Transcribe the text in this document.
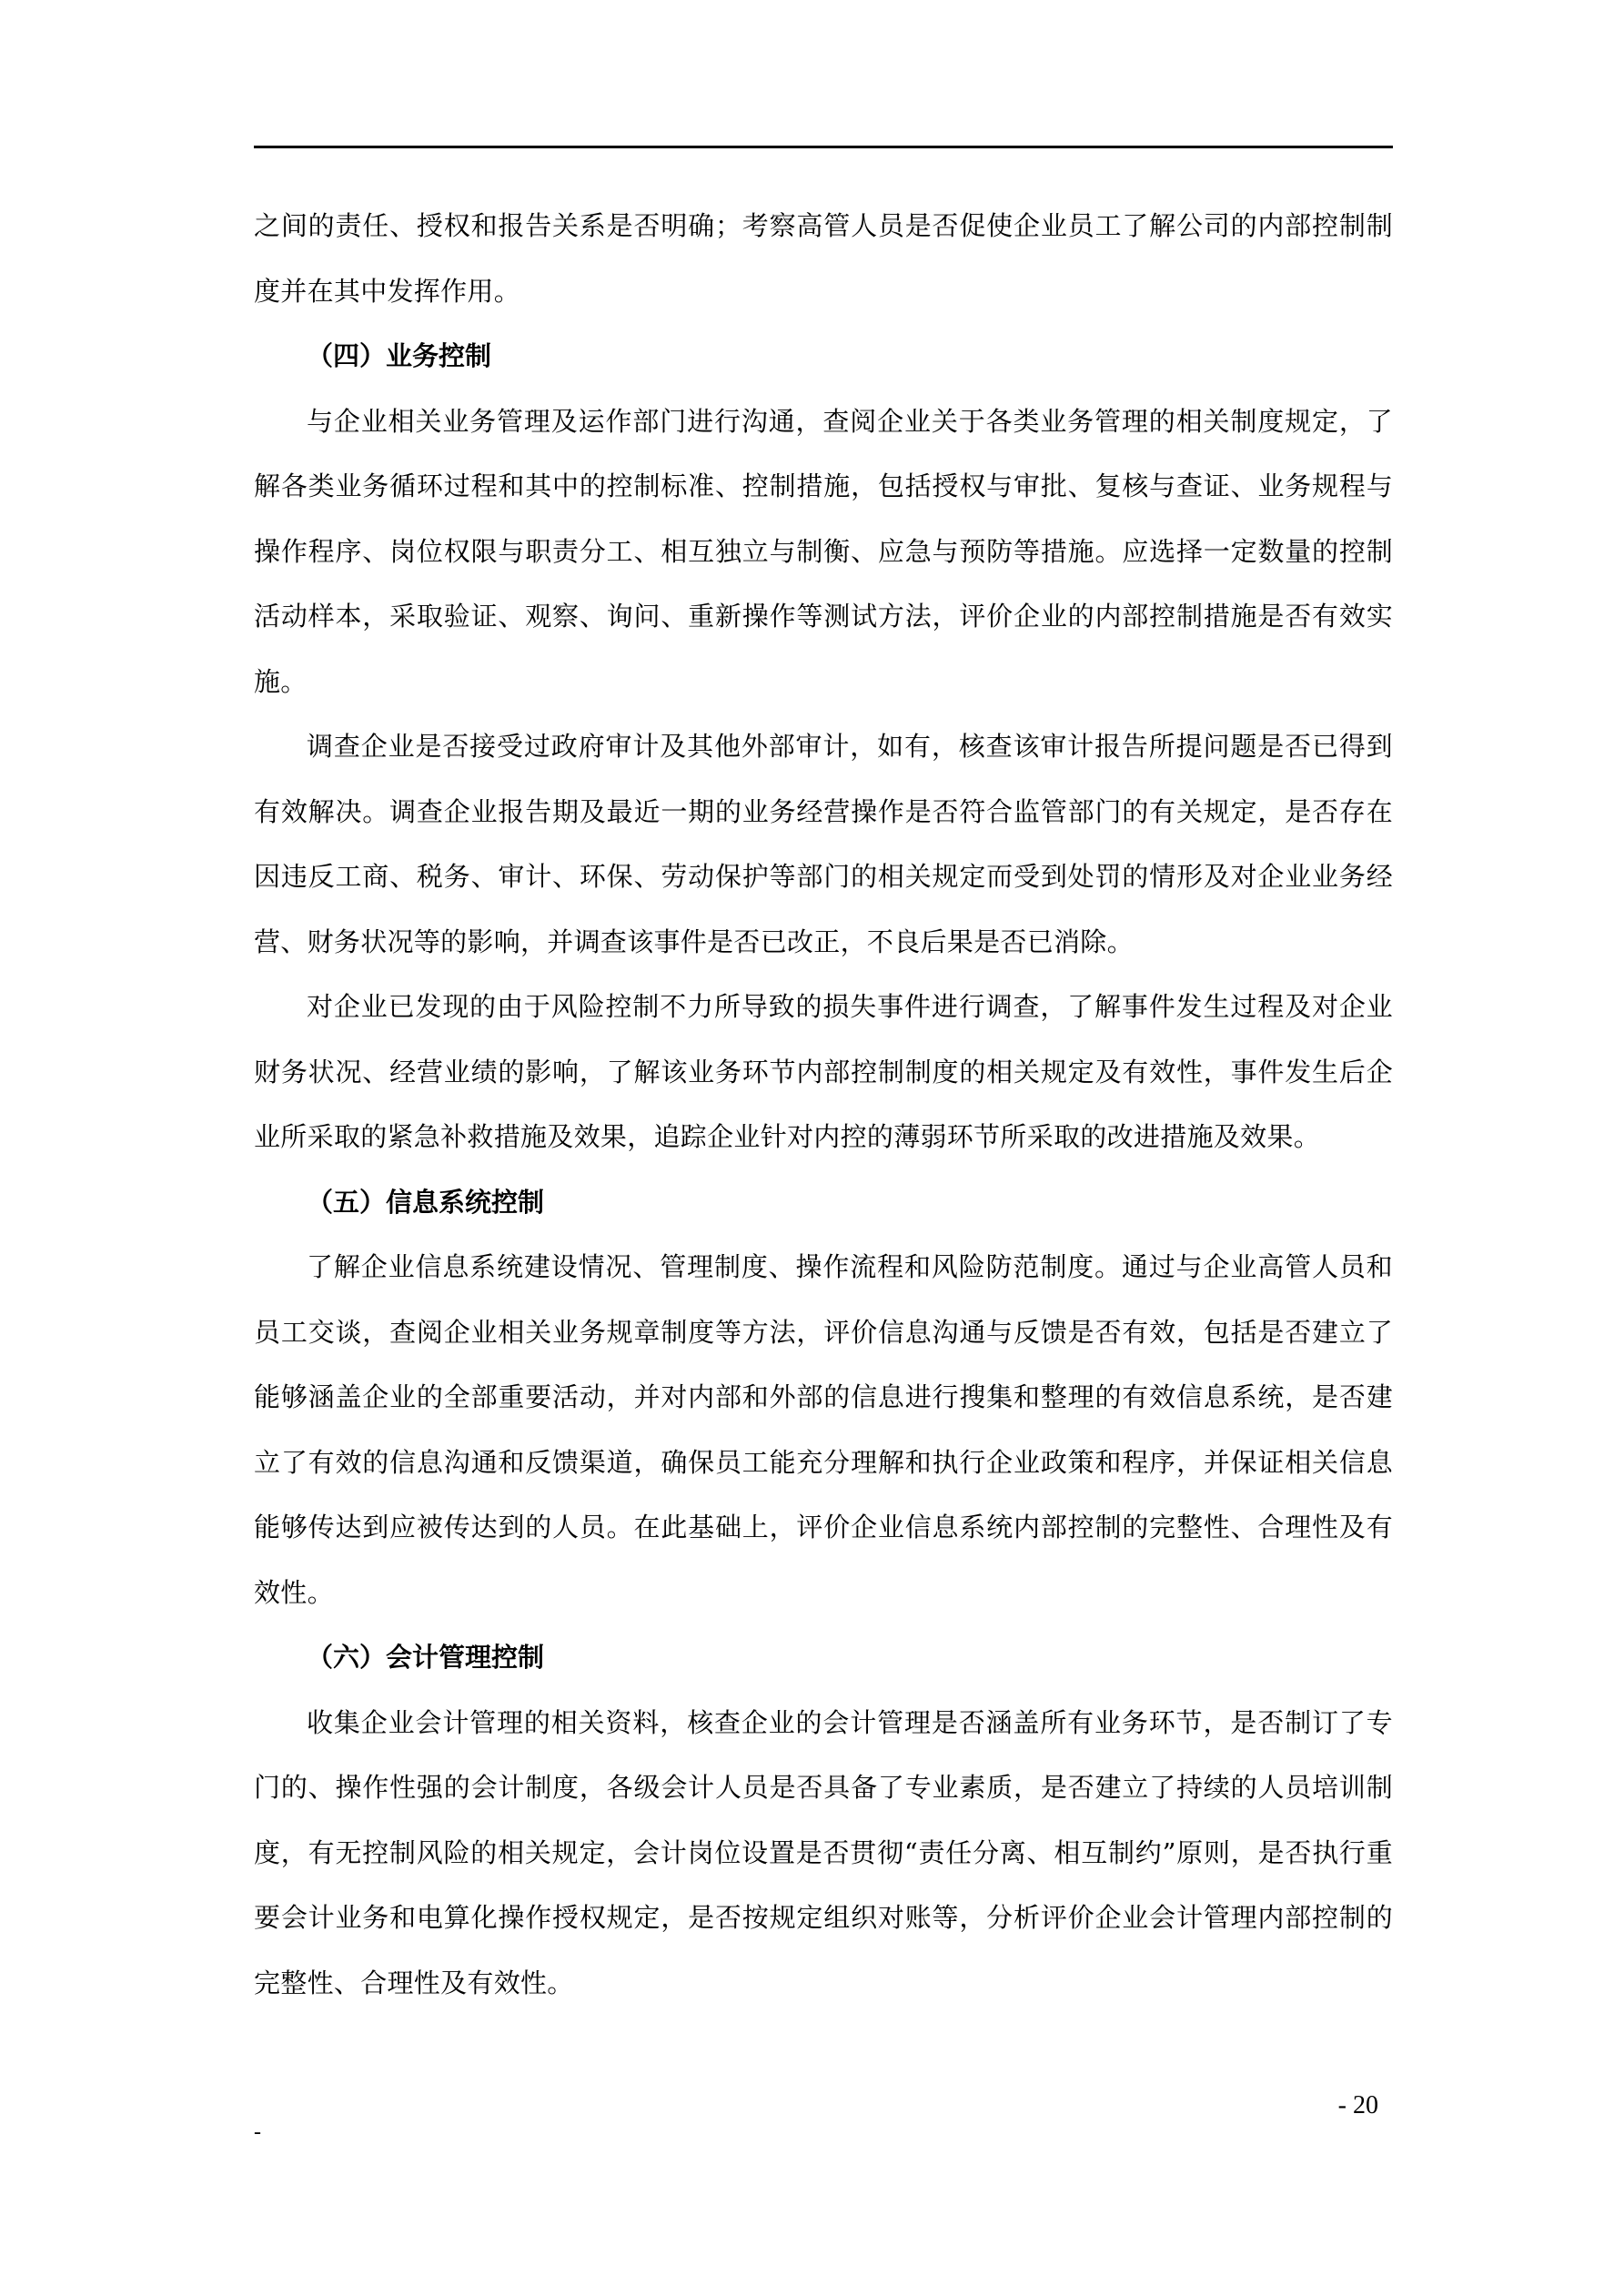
之间的责任、授权和报告关系是否明确；考察高管人员是否促使企业员工了解公司的内部控制制度并在其中发挥作用。

（四）业务控制

与企业相关业务管理及运作部门进行沟通，查阅企业关于各类业务管理的相关制度规定，了解各类业务循环过程和其中的控制标准、控制措施，包括授权与审批、复核与查证、业务规程与操作程序、岗位权限与职责分工、相互独立与制衡、应急与预防等措施。应选择一定数量的控制活动样本，采取验证、观察、询问、重新操作等测试方法，评价企业的内部控制措施是否有效实施。

调查企业是否接受过政府审计及其他外部审计，如有，核查该审计报告所提问题是否已得到有效解决。调查企业报告期及最近一期的业务经营操作是否符合监管部门的有关规定，是否存在因违反工商、税务、审计、环保、劳动保护等部门的相关规定而受到处罚的情形及对企业业务经营、财务状况等的影响，并调查该事件是否已改正，不良后果是否已消除。

对企业已发现的由于风险控制不力所导致的损失事件进行调查，了解事件发生过程及对企业财务状况、经营业绩的影响，了解该业务环节内部控制制度的相关规定及有效性，事件发生后企业所采取的紧急补救措施及效果，追踪企业针对内控的薄弱环节所采取的改进措施及效果。

（五）信息系统控制

了解企业信息系统建设情况、管理制度、操作流程和风险防范制度。通过与企业高管人员和员工交谈，查阅企业相关业务规章制度等方法，评价信息沟通与反馈是否有效，包括是否建立了能够涵盖企业的全部重要活动，并对内部和外部的信息进行搜集和整理的有效信息系统，是否建立了有效的信息沟通和反馈渠道，确保员工能充分理解和执行企业政策和程序，并保证相关信息能够传达到应被传达到的人员。在此基础上，评价企业信息系统内部控制的完整性、合理性及有效性。

（六）会计管理控制

收集企业会计管理的相关资料，核查企业的会计管理是否涵盖所有业务环节，是否制订了专门的、操作性强的会计制度，各级会计人员是否具备了专业素质，是否建立了持续的人员培训制度，有无控制风险的相关规定，会计岗位设置是否贯彻“责任分离、相互制约”原则，是否执行重要会计业务和电算化操作授权规定，是否按规定组织对账等，分析评价企业会计管理内部控制的完整性、合理性及有效性。

- 20
-
